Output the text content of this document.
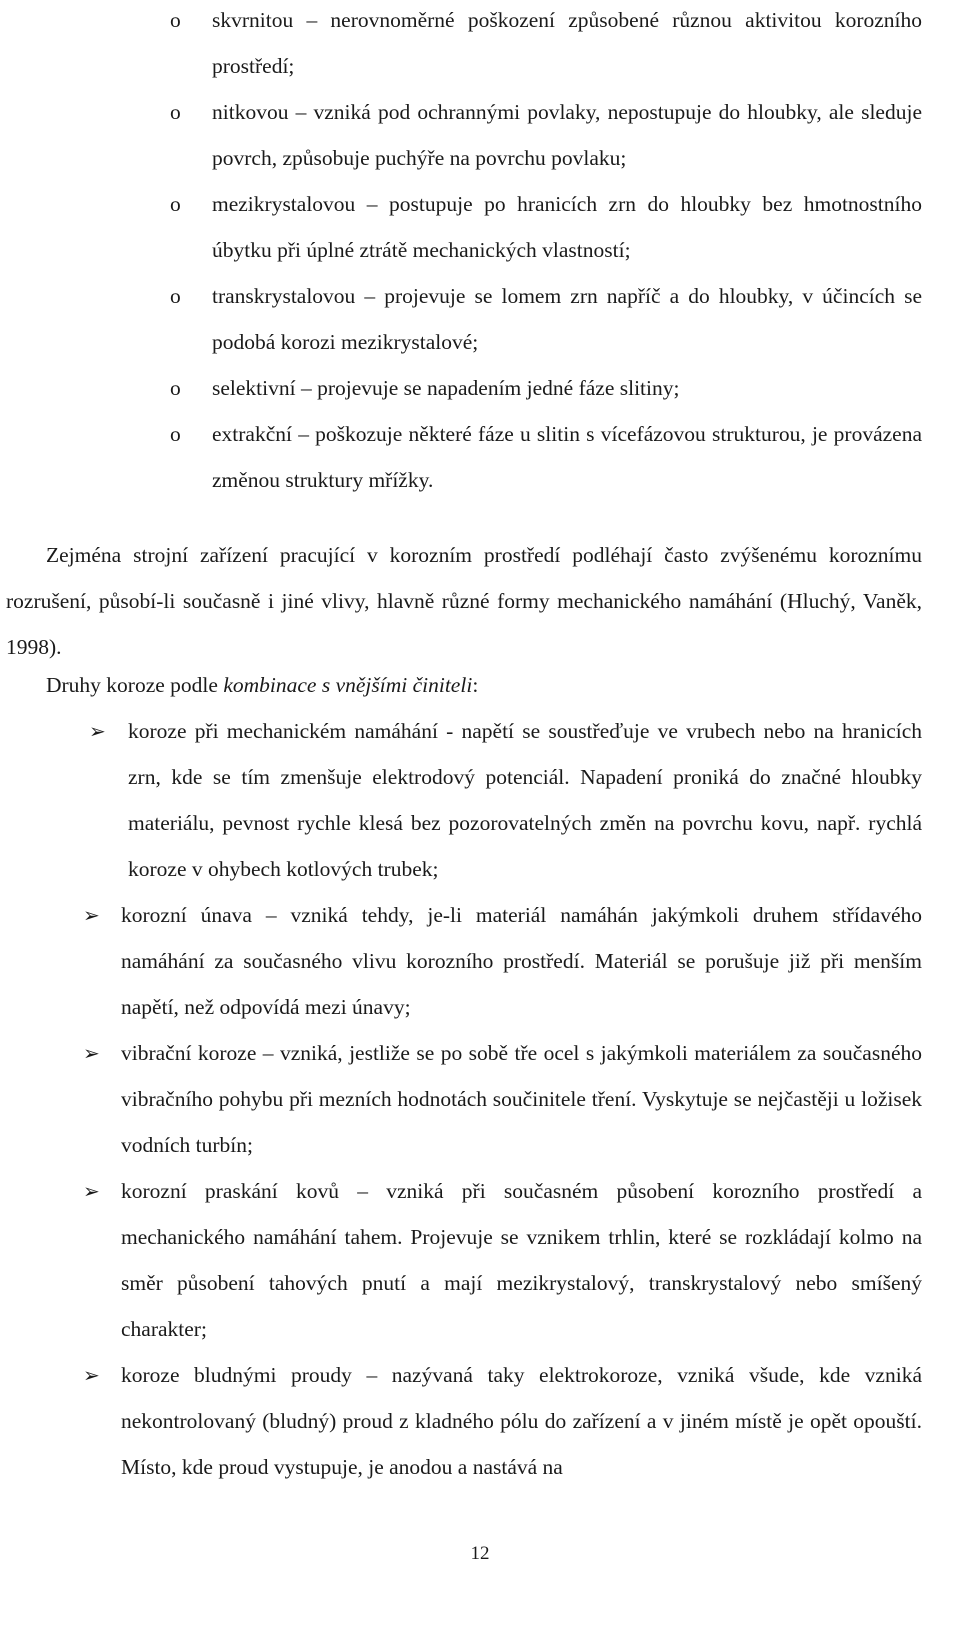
o skvrnitou – nerovnoměrné poškození způsobené různou aktivitou korozního prostředí;
o nitkovou – vzniká pod ochrannými povlaky, nepostupuje do hloubky, ale sleduje povrch, způsobuje puchýře na povrchu povlaku;
o mezikrystalovou – postupuje po hranicích zrn do hloubky bez hmotnostního úbytku při úplné ztrátě mechanických vlastností;
o transkrystalovou – projevuje se lomem zrn napříč a do hloubky, v účincích se podobá korozi mezikrystalové;
o selektivní – projevuje se napadením jedné fáze slitiny;
o extrakční – poškozuje některé fáze u slitin s vícefázovou strukturou, je provázena změnou struktury mřížky.

Zejména strojní zařízení pracující v korozním prostředí podléhají často zvýšenému koroznímu rozrušení, působí-li současně i jiné vlivy, hlavně různé formy mechanického namáhání (Hluchý, Vaněk, 1998).

Druhy koroze podle kombinace s vnějšími činiteli:

➢ koroze při mechanickém namáhání - napětí se soustřeďuje ve vrubech nebo na hranicích zrn, kde se tím zmenšuje elektrodový potenciál. Napadení proniká do značné hloubky materiálu, pevnost rychle klesá bez pozorovatelných změn na povrchu kovu, např. rychlá koroze v ohybech kotlových trubek;
➢ korozní únava – vzniká tehdy, je-li materiál namáhán jakýmkoli druhem střídavého namáhání za současného vlivu korozního prostředí. Materiál se porušuje již při menším napětí, než odpovídá mezi únavy;
➢ vibrační koroze – vzniká, jestliže se po sobě tře ocel s jakýmkoli materiálem za současného vibračního pohybu při mezních hodnotách součinitele tření. Vyskytuje se nejčastěji u ložisek vodních turbín;
➢ korozní praskání kovů – vzniká při současném působení korozního prostředí a mechanického namáhání tahem. Projevuje se vznikem trhlin, které se rozkládají kolmo na směr působení tahových pnutí a mají mezikrystalový, transkrystalový nebo smíšený charakter;
➢ koroze bludnými proudy – nazývaná taky elektrokoroze, vzniká všude, kde vzniká nekontrolovaný (bludný) proud z kladného pólu do zařízení a v jiném místě je opět opouští. Místo, kde proud vystupuje, je anodou a nastává na
12
